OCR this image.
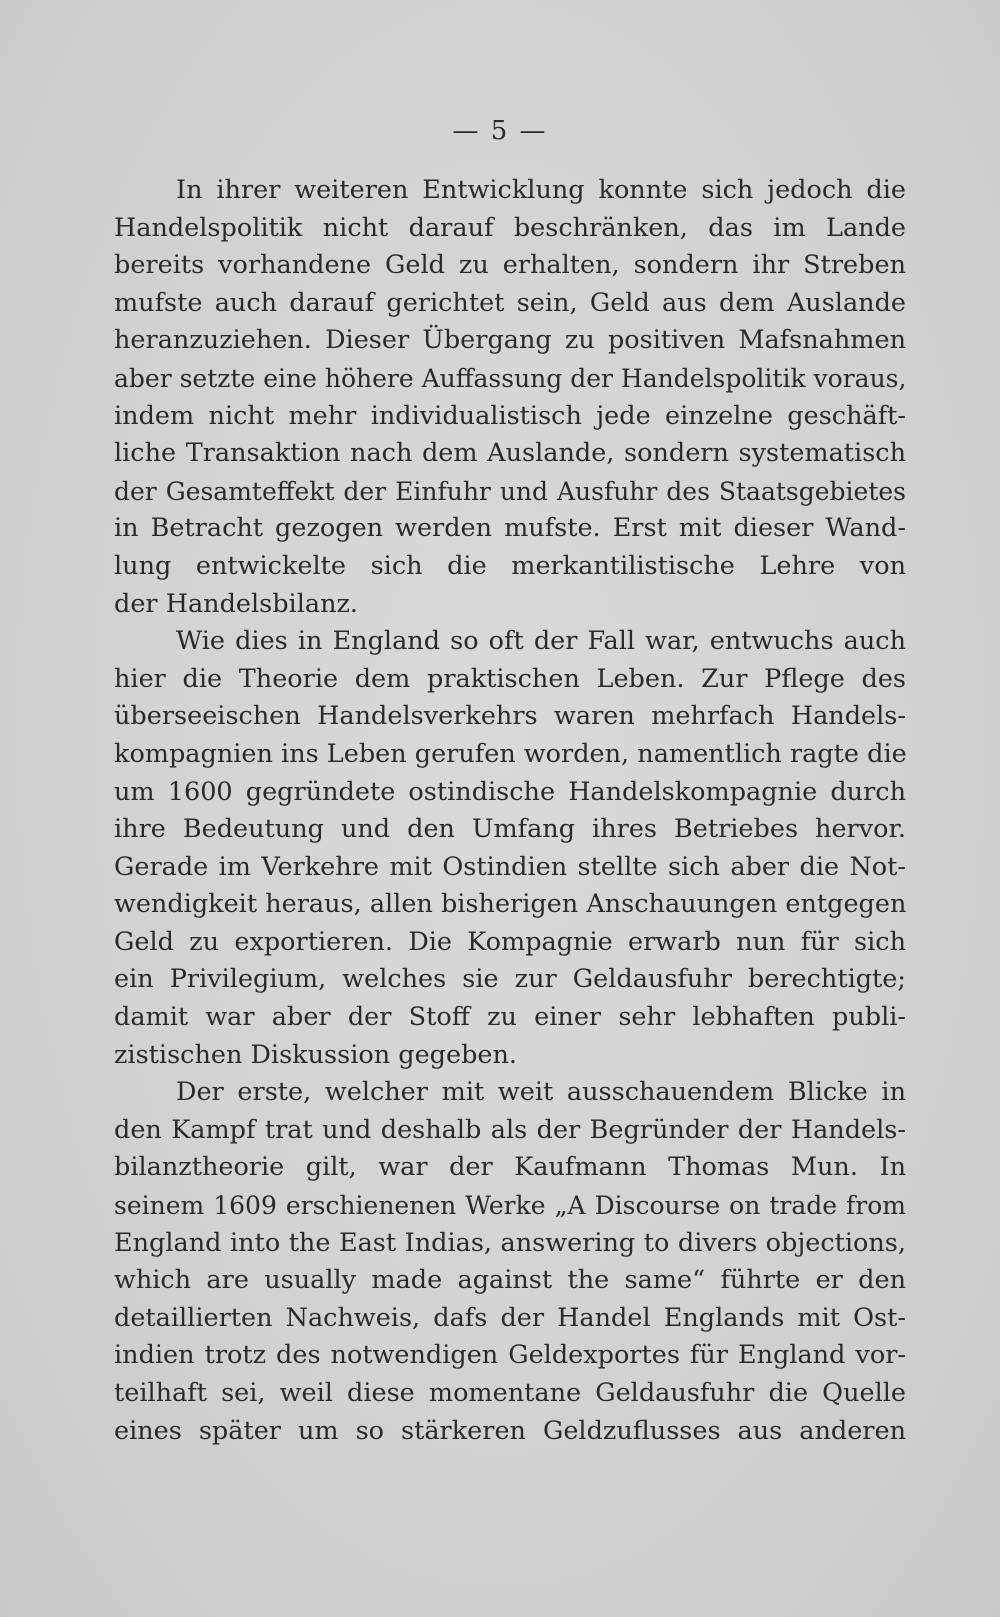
— 5 —
In ihrer weiteren Entwicklung konnte sich jedoch die
Handelspolitik nicht darauf beschränken, das im Lande
bereits vorhandene Geld zu erhalten, sondern ihr Streben
mufste auch darauf gerichtet sein, Geld aus dem Auslande
heranzuziehen. Dieser Übergang zu positiven Mafsnahmen
aber setzte eine höhere Auffassung der Handelspolitik voraus,
indem nicht mehr individualistisch jede einzelne geschäft-
liche Transaktion nach dem Auslande, sondern systematisch
der Gesamteffekt der Einfuhr und Ausfuhr des Staatsgebietes
in Betracht gezogen werden mufste. Erst mit dieser Wand-
lung entwickelte sich die merkantilistische Lehre von
der Handelsbilanz.
Wie dies in England so oft der Fall war, entwuchs auch
hier die Theorie dem praktischen Leben. Zur Pflege des
überseeischen Handelsverkehrs waren mehrfach Handels-
kompagnien ins Leben gerufen worden, namentlich ragte die
um 1600 gegründete ostindische Handelskompagnie durch
ihre Bedeutung und den Umfang ihres Betriebes hervor.
Gerade im Verkehre mit Ostindien stellte sich aber die Not-
wendigkeit heraus, allen bisherigen Anschauungen entgegen
Geld zu exportieren. Die Kompagnie erwarb nun für sich
ein Privilegium, welches sie zur Geldausfuhr berechtigte;
damit war aber der Stoff zu einer sehr lebhaften publi-
zistischen Diskussion gegeben.
Der erste, welcher mit weit ausschauendem Blicke in
den Kampf trat und deshalb als der Begründer der Handels-
bilanztheorie gilt, war der Kaufmann Thomas Mun. In
seinem 1609 erschienenen Werke „A Discourse on trade from
England into the East Indias, answering to divers objections,
which are usually made against the same“ führte er den
detaillierten Nachweis, dafs der Handel Englands mit Ost-
indien trotz des notwendigen Geldexportes für England vor-
teilhaft sei, weil diese momentane Geldausfuhr die Quelle
eines später um so stärkeren Geldzuflusses aus anderen
